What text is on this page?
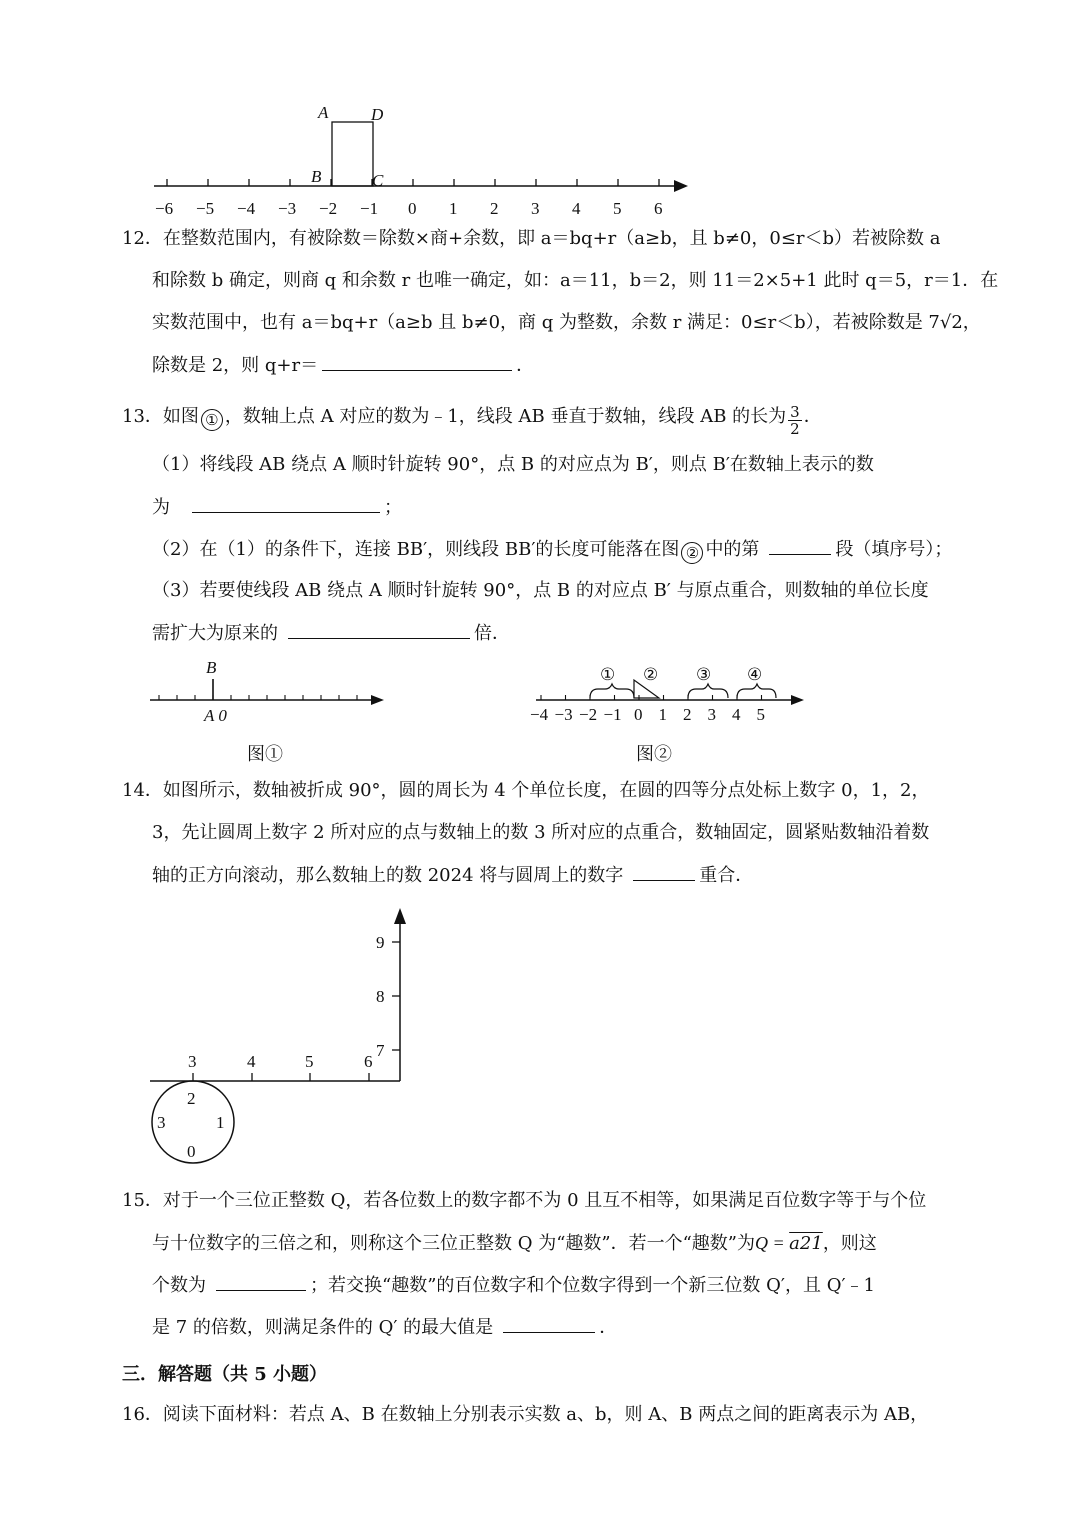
−6 −5 −4 −3 −2 −1 0 1 2 3 4 5 6
A	D
B	C
12．在整数范围内，有被除数＝除数×商+余数，即 a＝bq+r（a≥b，且 b≠0，0≤r＜b）若被除数 a
和除数 b 确定，则商 q 和余数 r 也唯一确定，如：a＝11，b＝2，则 11＝2×5+1 此时 q＝5，r＝1．在
实数范围中，也有 a＝bq+r（a≥b 且 b≠0，商 q 为整数，余数 r 满足：0≤r＜b），若被除数是 7√2，
除数是 2，则 q+r＝	．
13．如图 ① ，数轴上点 A 对应的数为﹣1，线段 AB 垂直于数轴，线段 AB 的长为 $\frac{3}{2}$ ．
（1）将线段 AB 绕点 A 顺时针旋转 90°，点 B 的对应点为 B′，则点 B′在数轴上表示的数
为	；
（2）在（1）的条件下，连接 BB′，则线段 BB′的长度可能落在图 ② 中的第	段（填序号）；
（3）若要使线段 AB 绕点 A 顺时针旋转 90°，点 B 的对应点 B′ 与原点重合，则数轴的单位长度
需扩大为原来的	倍．
B
A 0
图①
−4 −3 −2 −1 0 1 2 3 4 5
① ② ③ ④
图②
14．如图所示，数轴被折成 90°，圆的周长为 4 个单位长度，在圆的四等分点处标上数字 0，1，2，
3，先让圆周上数字 2 所对应的点与数轴上的数 3 所对应的点重合，数轴固定，圆紧贴数轴沿着数
轴的正方向滚动，那么数轴上的数 2024 将与圆周上的数字	重合．
3	4	5	6
7
8
9
2
1
0
3
15．对于一个三位正整数 Q，若各位数上的数字都不为 0 且互不相等，如果满足百位数字等于与个位
与十位数字的三倍之和，则称这个三位正整数 Q 为“趣数”．若一个“趣数”为Q = a21，则这
个数为	；若交换“趣数”的百位数字和个位数字得到一个新三位数 Q′，且 Q′﹣1
是 7 的倍数，则满足条件的 Q′ 的最大值是	．
三．解答题（共 5 小题）
16．阅读下面材料：若点 A、B 在数轴上分别表示实数 a、b，则 A、B 两点之间的距离表示为 AB，
